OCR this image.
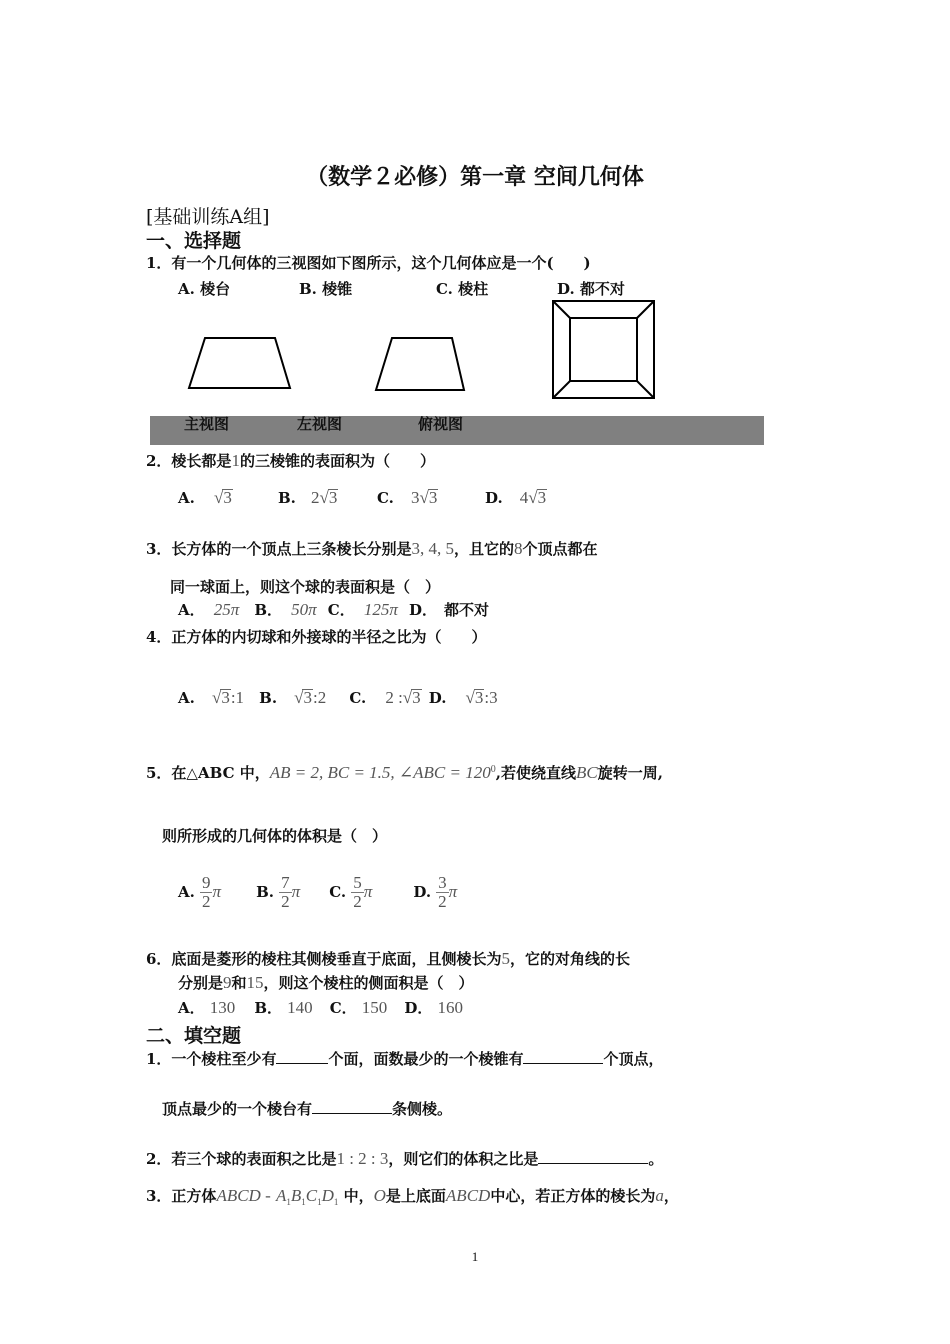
（数学２必修）第一章 空间几何体
[基础训练A组]
一、选择题
1．有一个几何体的三视图如下图所示，这个几何体应是一个(　　)
A. 棱台	B. 棱锥	C. 棱柱	D. 都不对
主视图	左视图	俯视图
2．棱长都是1的三棱锥的表面积为（　　）
A. √3	B. 2√3	C. 3√3	D. 4√3
3．长方体的一个顶点上三条棱长分别是3, 4, 5，且它的8个顶点都在
同一球面上，则这个球的表面积是（　）
A． 25π B． 50π C． 125π D． 都不对
4．正方体的内切球和外接球的半径之比为（　　）
A. √3:1 B. √3:2 C. 2 :√3 D. √3:3
5．在△ABC 中，AB = 2, BC = 1.5, ∠ABC = $120^0$,若使绕直线BC旋转一周,
则所形成的几何体的体积是（　）
A. $\frac{9}{2}$ π B. $\frac{7}{2}$ π C. $\frac{5}{2}$ π	D. $\frac{3}{2}$ π
6．底面是菱形的棱柱其侧棱垂直于底面，且侧棱长为5，它的对角线的长
分别是9和15，则这个棱柱的侧面积是（　）
A． 130 B． 140 C． 150 D． 160
二、填空题
1．一个棱柱至少有	个面，面数最少的一个棱锥有	个顶点，
顶点最少的一个棱台有	条侧棱。
2．若三个球的表面积之比是1 : 2 : 3，则它们的体积之比是	。
3．正方体ABCD - $A_1B_1C_1D_1$ 中，O是上底面ABCD中心，若正方体的棱长为a，
1
